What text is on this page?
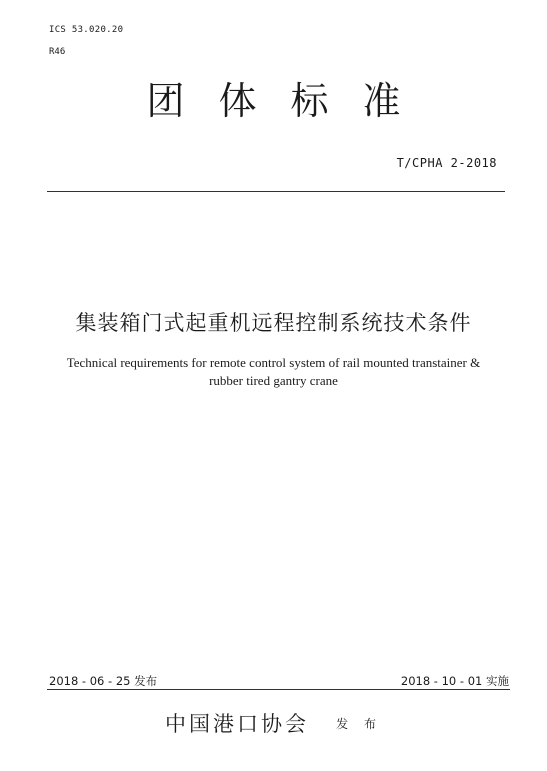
ICS 53.020.20
R46
团体标准
T/CPHA 2-2018
集装箱门式起重机远程控制系统技术条件
Technical requirements for remote control system of rail mounted transtainer &
rubber tired gantry crane
2018 - 06 - 25 发布	2018 - 10 - 01 实施
中国港口协会 发 布
